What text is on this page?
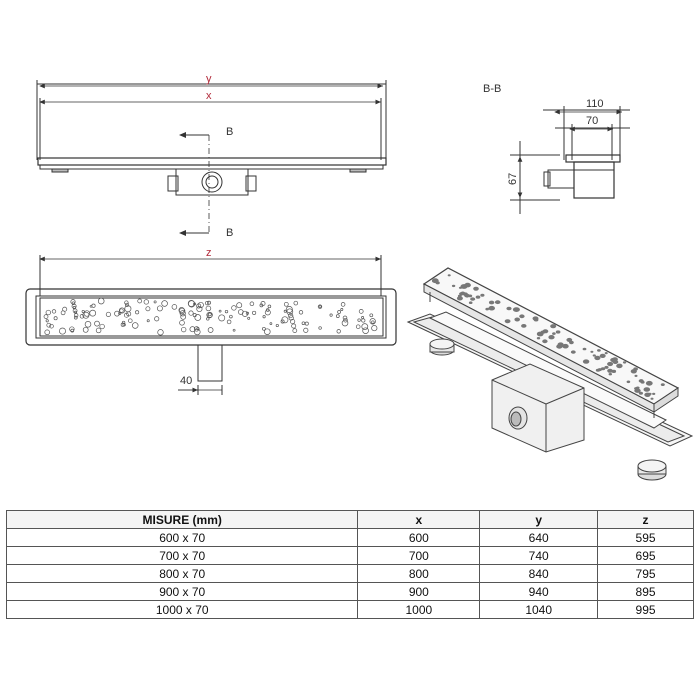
y
x
B
B
z
40
B-B
110
70
67
MISURE (mm)	x	y	z
600 x 70	600	640	595
700 x 70	700	740	695
800 x 70	800	840	795
900 x 70	900	940	895
1000 x 70	1000	1040	995
